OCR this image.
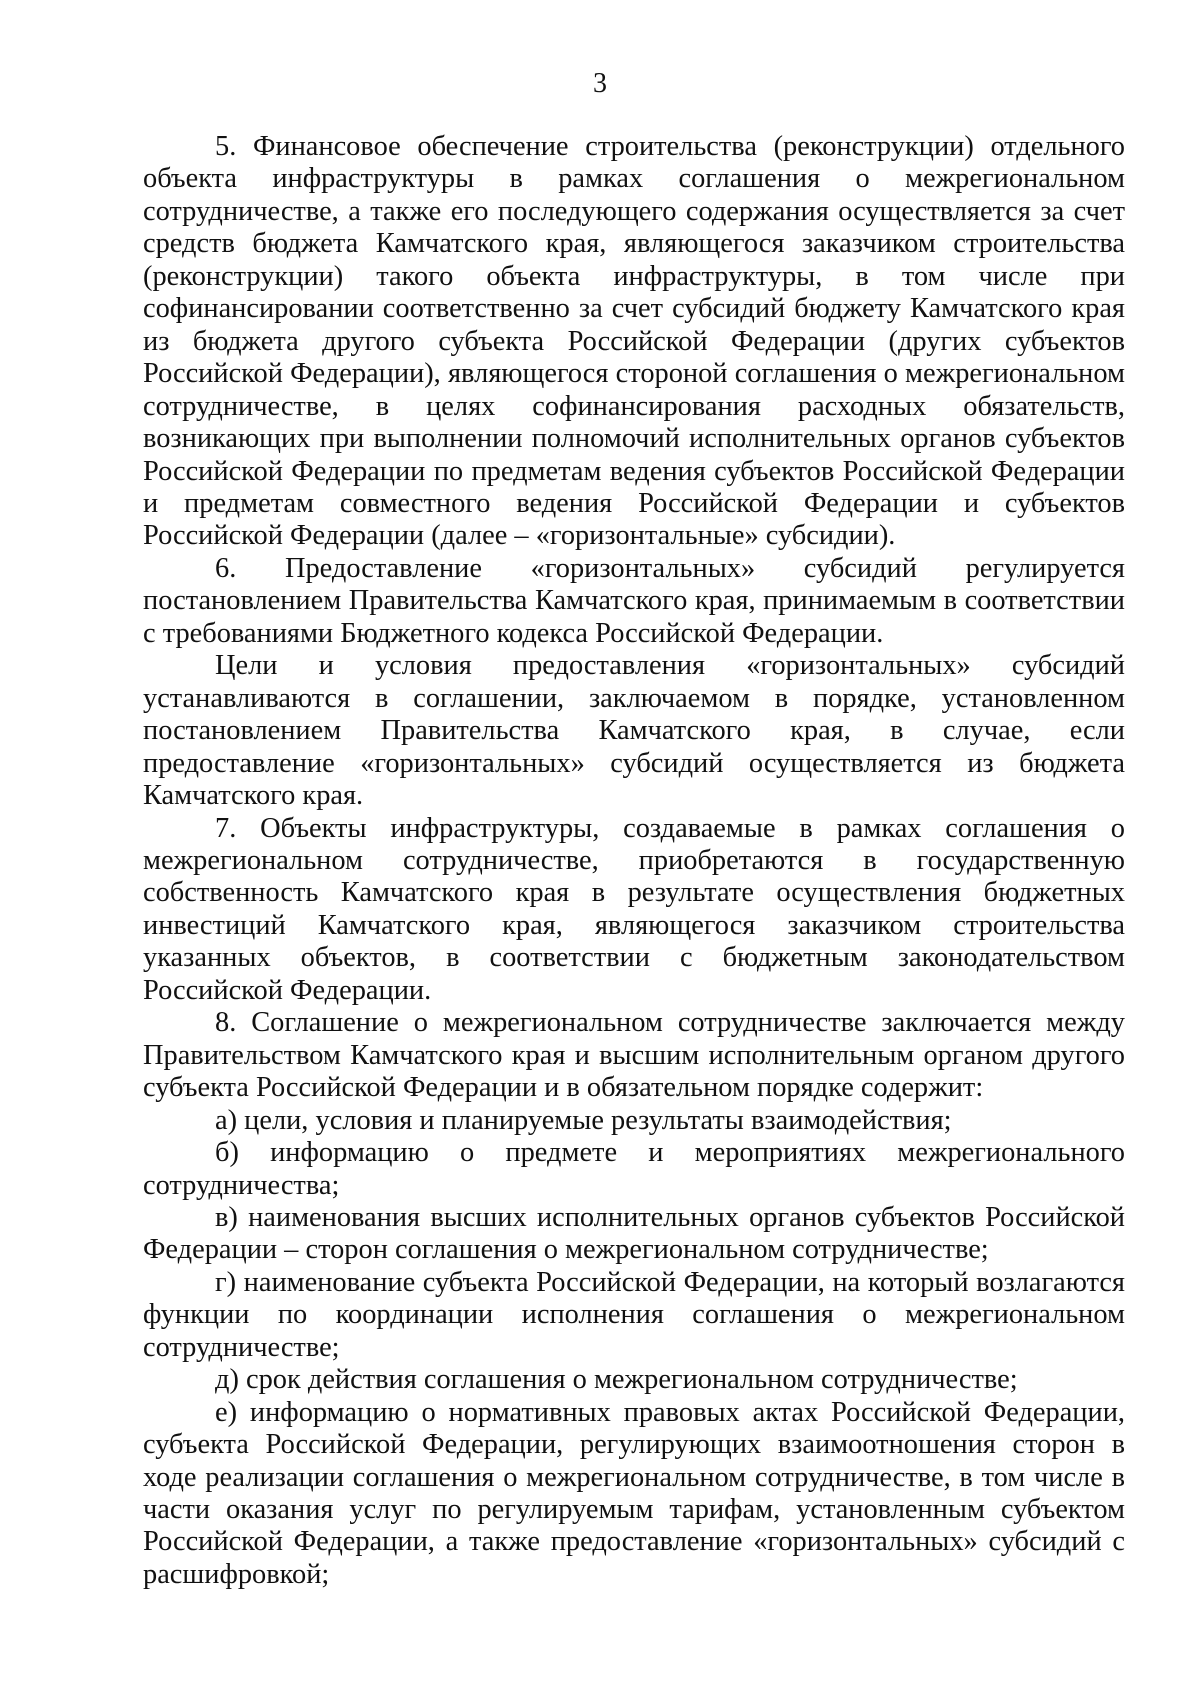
3

5. Финансовое обеспечение строительства (реконструкции) отдельного объекта инфраструктуры в рамках соглашения о межрегиональном сотрудничестве, а также его последующего содержания осуществляется за счет средств бюджета Камчатского края, являющегося заказчиком строительства (реконструкции) такого объекта инфраструктуры, в том числе при софинансировании соответственно за счет субсидий бюджету Камчатского края из бюджета другого субъекта Российской Федерации (других субъектов Российской Федерации), являющегося стороной соглашения о межрегиональном сотрудничестве, в целях софинансирования расходных обязательств, возникающих при выполнении полномочий исполнительных органов субъектов Российской Федерации по предметам ведения субъектов Российской Федерации и предметам совместного ведения Российской Федерации и субъектов Российской Федерации (далее – «горизонтальные» субсидии).

6. Предоставление «горизонтальных» субсидий регулируется постановлением Правительства Камчатского края, принимаемым в соответствии с требованиями Бюджетного кодекса Российской Федерации.

Цели и условия предоставления «горизонтальных» субсидий устанавливаются в соглашении, заключаемом в порядке, установленном постановлением Правительства Камчатского края, в случае, если предоставление «горизонтальных» субсидий осуществляется из бюджета Камчатского края.

7. Объекты инфраструктуры, создаваемые в рамках соглашения о межрегиональном сотрудничестве, приобретаются в государственную собственность Камчатского края в результате осуществления бюджетных инвестиций Камчатского края, являющегося заказчиком строительства указанных объектов, в соответствии с бюджетным законодательством Российской Федерации.

8. Соглашение о межрегиональном сотрудничестве заключается между Правительством Камчатского края и высшим исполнительным органом другого субъекта Российской Федерации и в обязательном порядке содержит:

а) цели, условия и планируемые результаты взаимодействия;

б) информацию о предмете и мероприятиях межрегионального сотрудничества;

в) наименования высших исполнительных органов субъектов Российской Федерации – сторон соглашения о межрегиональном сотрудничестве;

г) наименование субъекта Российской Федерации, на который возлагаются функции по координации исполнения соглашения о межрегиональном сотрудничестве;

д) срок действия соглашения о межрегиональном сотрудничестве;

е) информацию о нормативных правовых актах Российской Федерации, субъекта Российской Федерации, регулирующих взаимоотношения сторон в ходе реализации соглашения о межрегиональном сотрудничестве, в том числе в части оказания услуг по регулируемым тарифам, установленным субъектом Российской Федерации, а также предоставление «горизонтальных» субсидий с расшифровкой;
